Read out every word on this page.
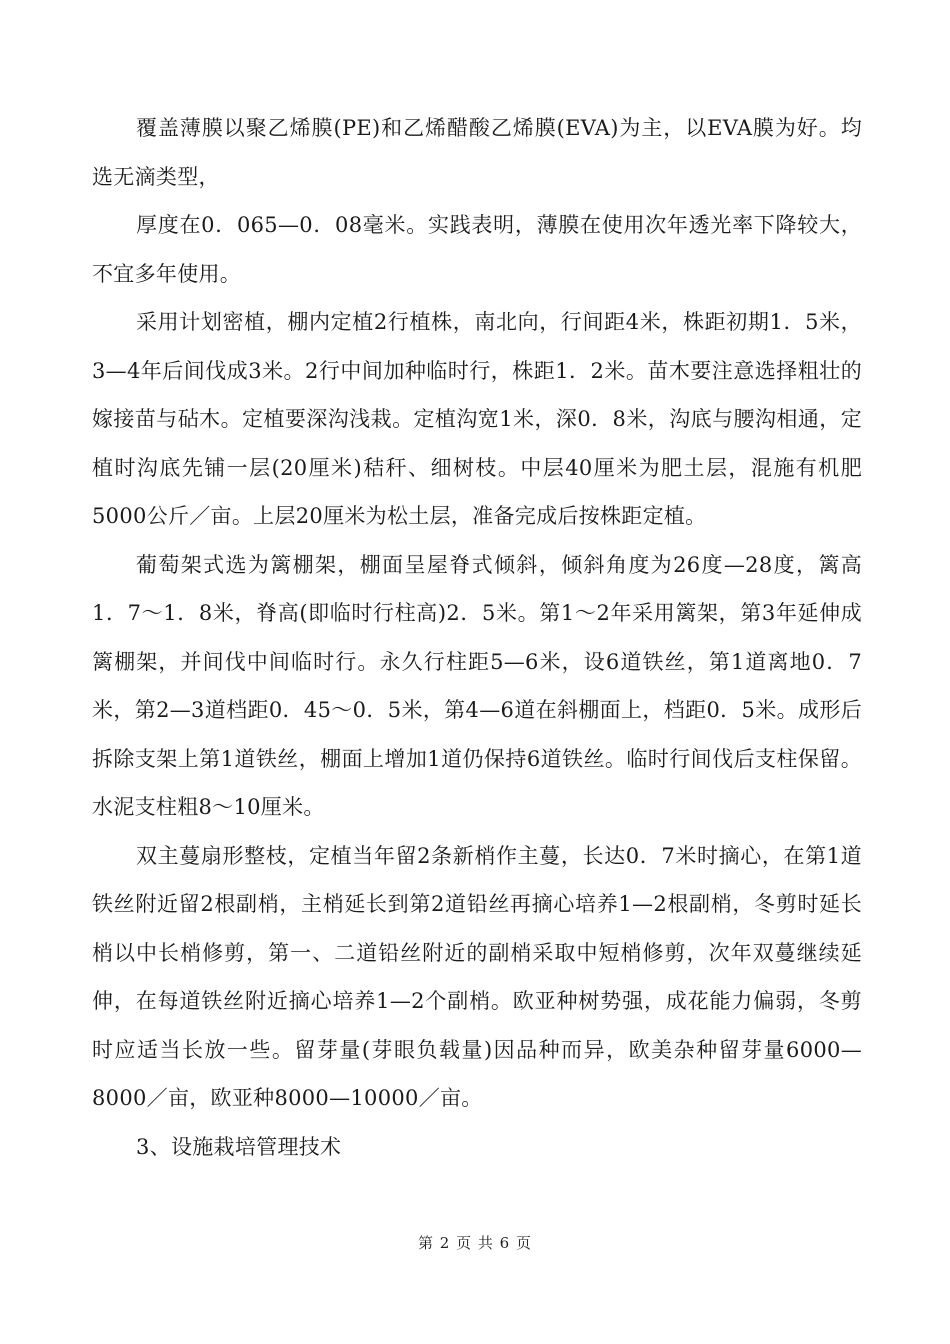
覆盖薄膜以聚乙烯膜(PE)和乙烯醋酸乙烯膜(EVA)为主，以EVA膜为好。均选无滴类型，

厚度在0．065—0．08毫米。实践表明，薄膜在使用次年透光率下降较大，不宜多年使用。

采用计划密植，棚内定植2行植株，南北向，行间距4米，株距初期1．5米，3—4年后间伐成3米。2行中间加种临时行，株距1．2米。苗木要注意选择粗壮的嫁接苗与砧木。定植要深沟浅栽。定植沟宽1米，深0．8米，沟底与腰沟相通，定植时沟底先铺一层(20厘米)秸秆、细树枝。中层40厘米为肥土层，混施有机肥5000公斤／亩。上层20厘米为松土层，准备完成后按株距定植。

葡萄架式选为篱棚架，棚面呈屋脊式倾斜，倾斜角度为26度—28度，篱高1．7～1．8米，脊高(即临时行柱高)2．5米。第1～2年采用篱架，第3年延伸成篱棚架，并间伐中间临时行。永久行柱距5—6米，设6道铁丝，第1道离地0．7米，第2—3道档距0．45～0．5米，第4—6道在斜棚面上，档距0．5米。成形后拆除支架上第1道铁丝，棚面上增加1道仍保持6道铁丝。临时行间伐后支柱保留。水泥支柱粗8～10厘米。

双主蔓扇形整枝，定植当年留2条新梢作主蔓，长达0．7米时摘心，在第1道铁丝附近留2根副梢，主梢延长到第2道铅丝再摘心培养1—2根副梢，冬剪时延长梢以中长梢修剪，第一、二道铅丝附近的副梢采取中短梢修剪，次年双蔓继续延伸，在每道铁丝附近摘心培养1—2个副梢。欧亚种树势强，成花能力偏弱，冬剪时应适当长放一些。留芽量(芽眼负载量)因品种而异，欧美杂种留芽量6000—8000／亩，欧亚种8000—10000／亩。

3、设施栽培管理技术

第 2 页 共 6 页
